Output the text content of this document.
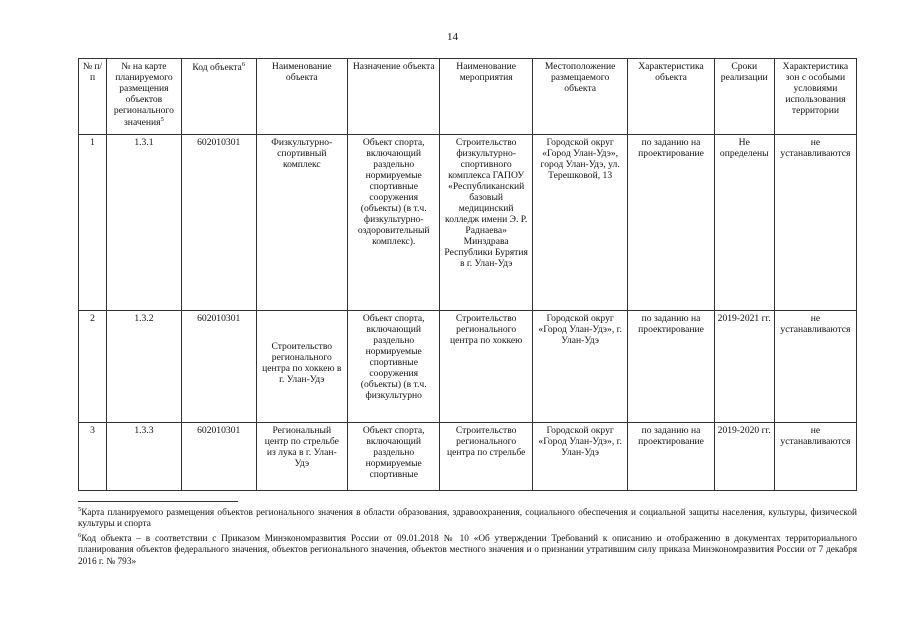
14
№ п/п	№ на карте планируемого размещения объектов регионального значения$^5$	Код объекта$^6$	Наименование объекта	Назначение объекта	Наименование мероприятия	Местоположение размещаемого объекта	Характеристика объекта	Сроки реализации	Характеристика зон с особыми условиями использования территории
1	1.3.1	602010301	Физкультурно-спортивный комплекс	Объект спорта, включающий раздельно нормируемые спортивные сооружения (объекты) (в т.ч. физкультурно-оздоровительный комплекс).	Строительство физкультурно-спортивного комплекса ГАПОУ «Республиканский базовый медицинский колледж имени Э. Р. Раднаева» Минздрава Республики Бурятия в г. Улан-Удэ	Городской округ «Город Улан-Удэ», город Улан-Удэ, ул. Терешковой, 13	по заданию на проектирование	Не определены	не устанавливаются
2	1.3.2	602010301	Строительство регионального центра по хоккею в г. Улан-Удэ	Объект спорта, включающий раздельно нормируемые спортивные сооружения (объекты) (в т.ч. физкультурно	Строительство регионального центра по хоккею	Городской округ «Город Улан-Удэ», г. Улан-Удэ	по заданию на проектирование	2019-2021 гг.	не устанавливаются
3	1.3.3	602010301	Региональный центр по стрельбе из лука в г. Улан-Удэ	Объект спорта, включающий раздельно нормируемые спортивные	Строительство регионального центра по стрельбе	Городской округ «Город Улан-Удэ», г. Улан-Удэ	по заданию на проектирование	2019-2020 гг.	не устанавливаются

$^5$Карта планируемого размещения объектов регионального значения в области образования, здравоохранения, социального обеспечения и социальной защиты населения, культуры, физической культуры и спорта

$^6$Код объекта – в соответствии с Приказом Минэкономразвития России от 09.01.2018 № 10 «Об утверждении Требований к описанию и отображению в документах территориального планирования объектов федерального значения, объектов регионального значения, объектов местного значения и о признании утратившим силу приказа Минэкономразвития России от 7 декабря 2016 г. № 793»
